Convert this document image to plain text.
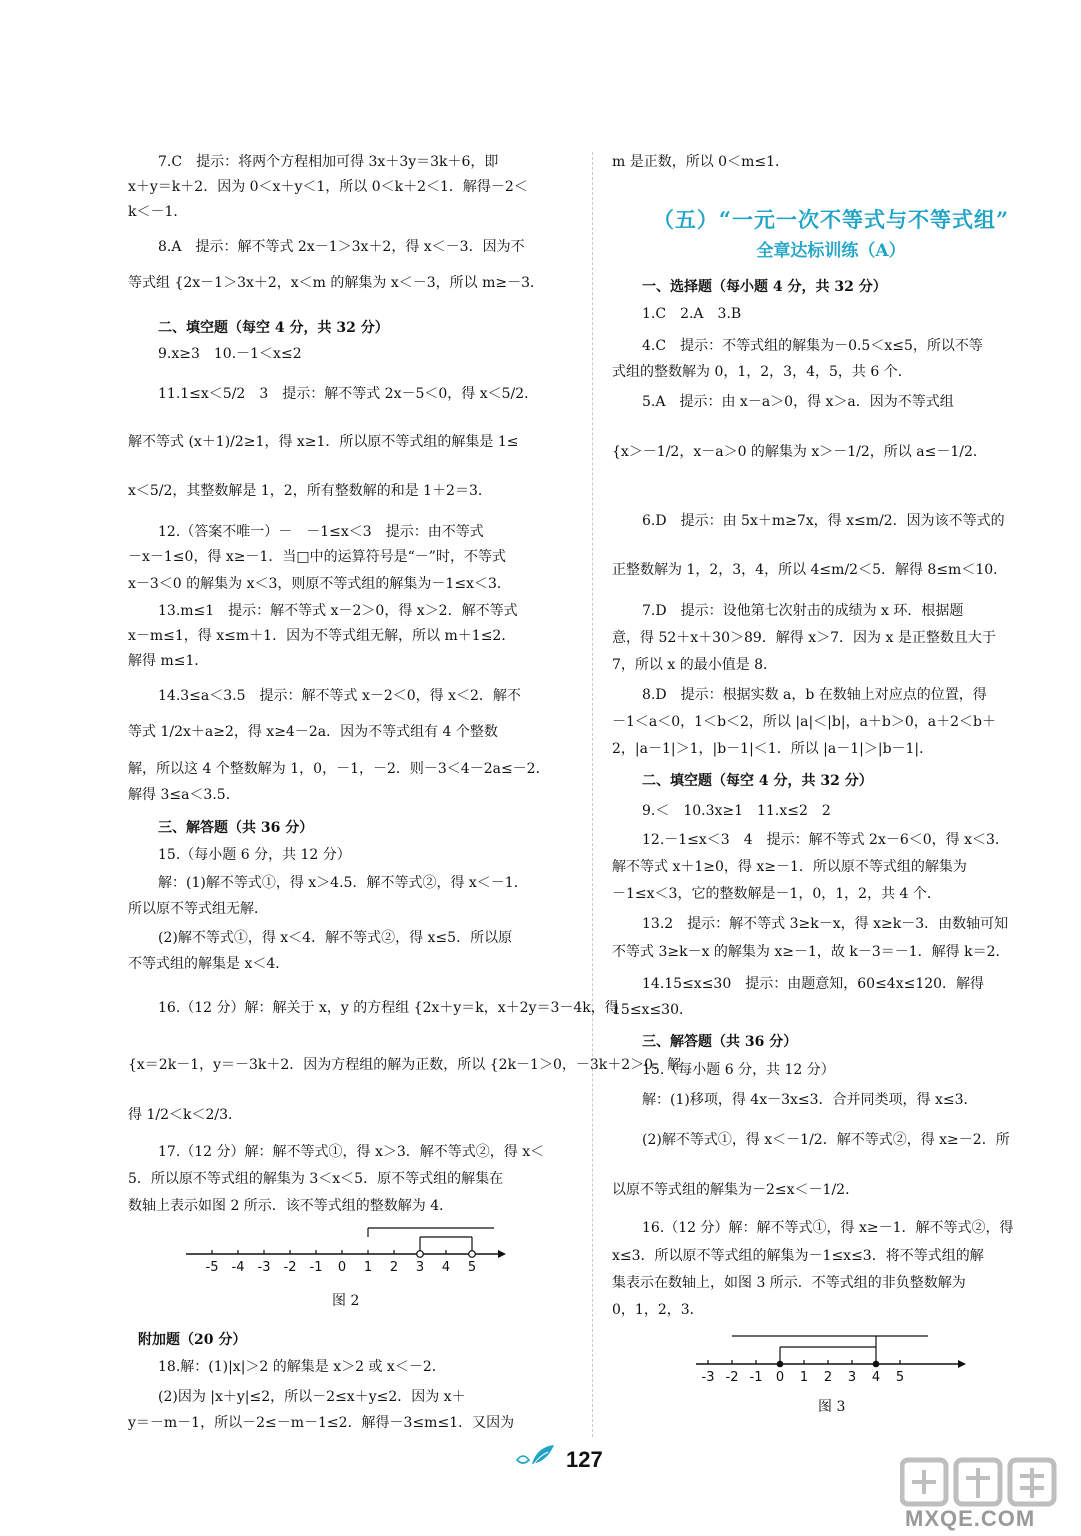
7.C　提示：将两个方程相加可得 3x＋3y＝3k＋6，即
x＋y＝k＋2．因为 0＜x＋y＜1，所以 0＜k＋2＜1．解得－2＜
k＜－1．
8.A　提示：解不等式 2x－1＞3x＋2，得 x＜－3．因为不
等式组 {2x－1＞3x＋2，x＜m 的解集为 x＜－3，所以 m≥－3．
二、填空题（每空 4 分，共 32 分）
9.x≥3　10.－1＜x≤2
11.1≤x＜5/2　3　提示：解不等式 2x－5＜0，得 x＜5/2．
解不等式 (x＋1)/2≥1，得 x≥1．所以原不等式组的解集是 1≤
x＜5/2，其整数解是 1，2，所有整数解的和是 1＋2＝3．
12.（答案不唯一）－　－1≤x＜3　提示：由不等式
－x－1≤0，得 x≥－1．当□中的运算符号是“－”时，不等式
x－3＜0 的解集为 x＜3，则原不等式组的解集为－1≤x＜3．
13.m≤1　提示：解不等式 x－2＞0，得 x＞2．解不等式
x－m≤1，得 x≤m＋1．因为不等式组无解，所以 m＋1≤2．
解得 m≤1．
14.3≤a＜3.5　提示：解不等式 x－2＜0，得 x＜2．解不
等式 1/2x＋a≥2，得 x≥4－2a．因为不等式组有 4 个整数
解，所以这 4 个整数解为 1，0，－1，－2．则－3＜4－2a≤－2．
解得 3≤a＜3.5．
三、解答题（共 36 分）
15.（每小题 6 分，共 12 分）
解：(1)解不等式①，得 x＞4.5．解不等式②，得 x＜－1．
所以原不等式组无解．
(2)解不等式①，得 x＜4．解不等式②，得 x≤5．所以原
不等式组的解集是 x＜4．
16.（12 分）解：解关于 x，y 的方程组 {2x＋y＝k，x＋2y＝3－4k，得
{x＝2k－1，y＝－3k＋2．因为方程组的解为正数，所以 {2k－1＞0，－3k＋2＞0．解
得 1/2＜k＜2/3．
17.（12 分）解：解不等式①，得 x＞3．解不等式②，得 x＜
5．所以原不等式组的解集为 3＜x＜5．原不等式组的解集在
数轴上表示如图 2 所示．该不等式组的整数解为 4．
-5 -4 -3 -2 -1 0 1 2 3 4 5
图 2
附加题（20 分）
18.解：(1)|x|＞2 的解集是 x＞2 或 x＜－2．
(2)因为 |x＋y|≤2，所以－2≤x＋y≤2．因为 x＋
y＝－m－1，所以－2≤－m－1≤2．解得－3≤m≤1．又因为
m 是正数，所以 0＜m≤1．
（五）“一元一次不等式与不等式组”
全章达标训练（A）
一、选择题（每小题 4 分，共 32 分）
1.C　2.A　3.B
4.C　提示：不等式组的解集为－0.5＜x≤5，所以不等
式组的整数解为 0，1，2，3，4，5，共 6 个．
5.A　提示：由 x－a＞0，得 x＞a．因为不等式组
{x＞－1/2，x－a＞0 的解集为 x＞－1/2，所以 a≤－1/2．
6.D　提示：由 5x＋m≥7x，得 x≤m/2．因为该不等式的
正整数解为 1，2，3，4，所以 4≤m/2＜5．解得 8≤m＜10．
7.D　提示：设他第七次射击的成绩为 x 环．根据题
意，得 52＋x＋30＞89．解得 x＞7．因为 x 是正整数且大于
7，所以 x 的最小值是 8．
8.D　提示：根据实数 a，b 在数轴上对应点的位置，得
－1＜a＜0，1＜b＜2，所以 |a|＜|b|，a＋b＞0，a＋2＜b＋
2，|a－1|＞1，|b－1|＜1．所以 |a－1|＞|b－1|．
二、填空题（每空 4 分，共 32 分）
9.＜　10.3x≥1　11.x≤2　2
12.－1≤x＜3　4　提示：解不等式 2x－6＜0，得 x＜3．
解不等式 x＋1≥0，得 x≥－1．所以原不等式组的解集为
－1≤x＜3，它的整数解是－1，0，1，2，共 4 个．
13.2　提示：解不等式 3≥k－x，得 x≥k－3．由数轴可知
不等式 3≥k－x 的解集为 x≥－1，故 k－3＝－1．解得 k＝2．
14.15≤x≤30　提示：由题意知，60≤4x≤120．解得
15≤x≤30．
三、解答题（共 36 分）
15.（每小题 6 分，共 12 分）
解：(1)移项，得 4x－3x≤3．合并同类项，得 x≤3．
(2)解不等式①，得 x＜－1/2．解不等式②，得 x≥－2．所
以原不等式组的解集为－2≤x＜－1/2．
16.（12 分）解：解不等式①，得 x≥－1．解不等式②，得
x≤3．所以原不等式组的解集为－1≤x≤3．将不等式组的解
集表示在数轴上，如图 3 所示．不等式组的非负整数解为
0，1，2，3．
-3 -2 -1 0 1 2 3 4 5
图 3
127
MXQE.COM
